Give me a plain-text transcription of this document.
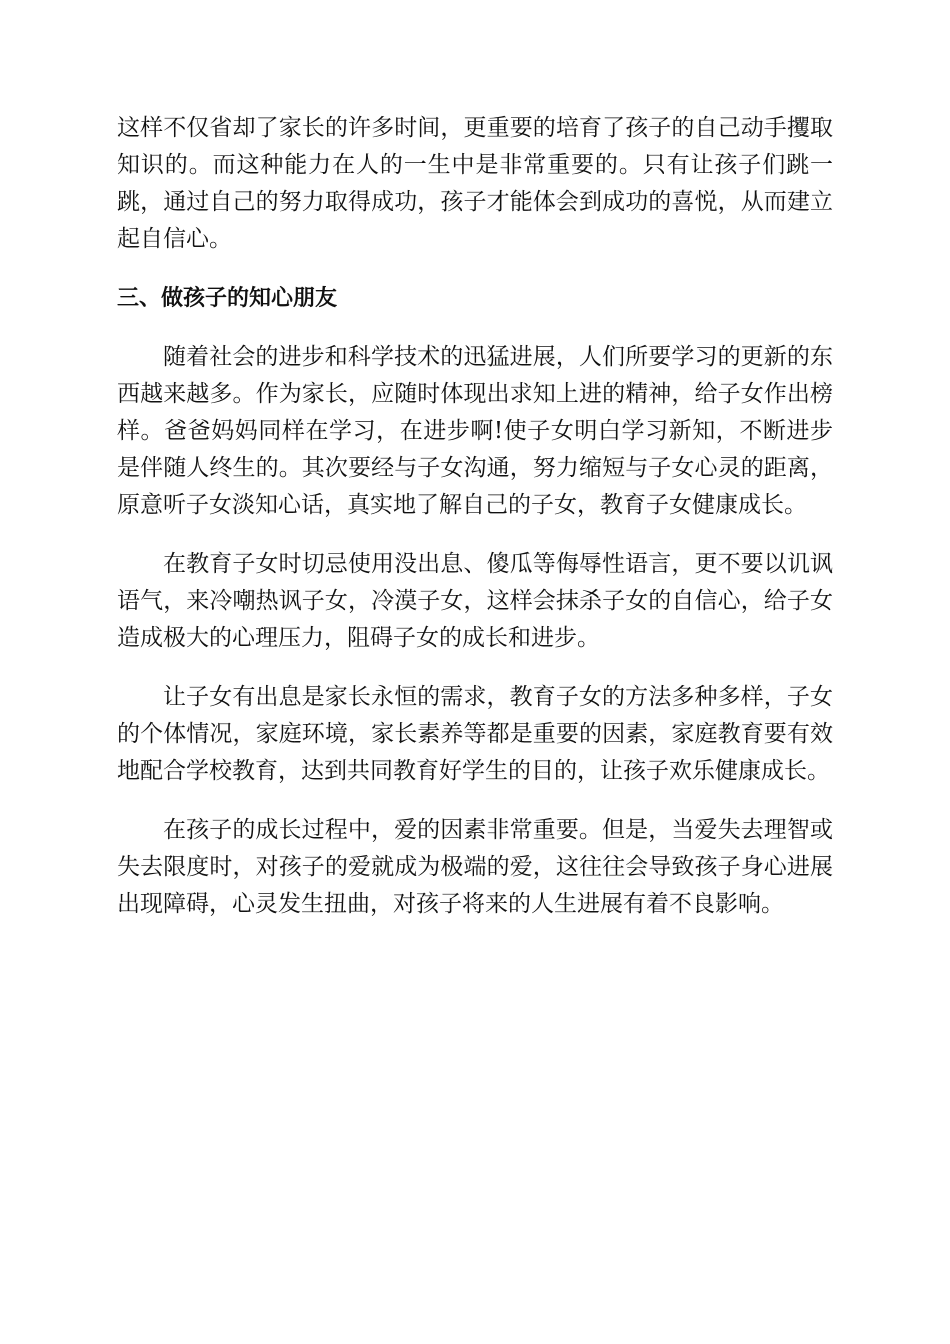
这样不仅省却了家长的许多时间，更重要的培育了孩子的自己动手攫取知识的。而这种能力在人的一生中是非常重要的。只有让孩子们跳一跳，通过自己的努力取得成功，孩子才能体会到成功的喜悦，从而建立起自信心。

三、做孩子的知心朋友

随着社会的进步和科学技术的迅猛进展，人们所要学习的更新的东西越来越多。作为家长，应随时体现出求知上进的精神，给子女作出榜样。爸爸妈妈同样在学习，在进步啊!使子女明白学习新知，不断进步是伴随人终生的。其次要经与子女沟通，努力缩短与子女心灵的距离，原意听子女淡知心话，真实地了解自己的子女，教育子女健康成长。

在教育子女时切忌使用没出息、傻瓜等侮辱性语言，更不要以讥讽语气，来冷嘲热讽子女，冷漠子女，这样会抹杀子女的自信心，给子女造成极大的心理压力，阻碍子女的成长和进步。

让子女有出息是家长永恒的需求，教育子女的方法多种多样，子女的个体情况，家庭环境，家长素养等都是重要的因素，家庭教育要有效地配合学校教育，达到共同教育好学生的目的，让孩子欢乐健康成长。

在孩子的成长过程中，爱的因素非常重要。但是，当爱失去理智或失去限度时，对孩子的爱就成为极端的爱，这往往会导致孩子身心进展出现障碍，心灵发生扭曲，对孩子将来的人生进展有着不良影响。
